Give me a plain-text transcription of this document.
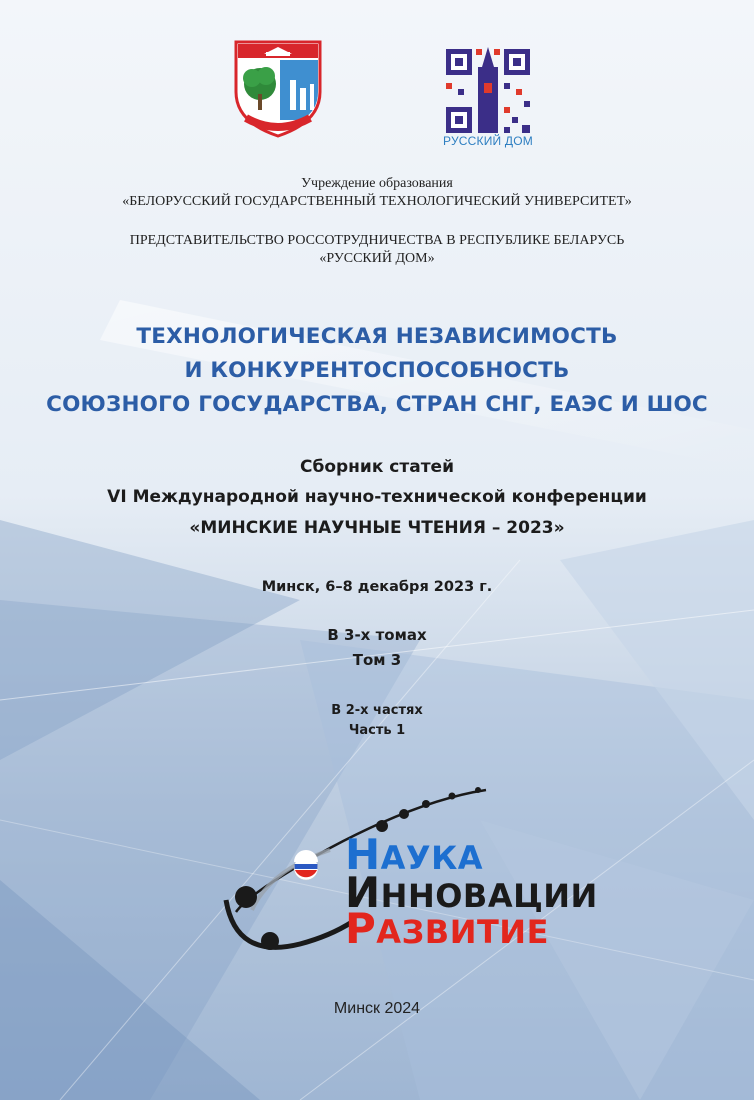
РУССКИЙ ДОМ
Учреждение образования
«БЕЛОРУССКИЙ ГОСУДАРСТВЕННЫЙ ТЕХНОЛОГИЧЕСКИЙ УНИВЕРСИТЕТ»
ПРЕДСТАВИТЕЛЬСТВО РОССОТРУДНИЧЕСТВА В РЕСПУБЛИКЕ БЕЛАРУСЬ
«РУССКИЙ ДОМ»
ТЕХНОЛОГИЧЕСКАЯ НЕЗАВИСИМОСТЬ
И КОНКУРЕНТОСПОСОБНОСТЬ
СОЮЗНОГО ГОСУДАРСТВА, СТРАН СНГ, ЕАЭС И ШОС
Сборник статей
VI Международной научно-технической конференции
«МИНСКИЕ НАУЧНЫЕ ЧТЕНИЯ – 2023»
Минск, 6–8 декабря 2023 г.
В 3-х томах
Том 3
В 2-х частях
Часть 1
НАУКА
ИННОВАЦИИ
РАЗВИТИЕ
Минск 2024
